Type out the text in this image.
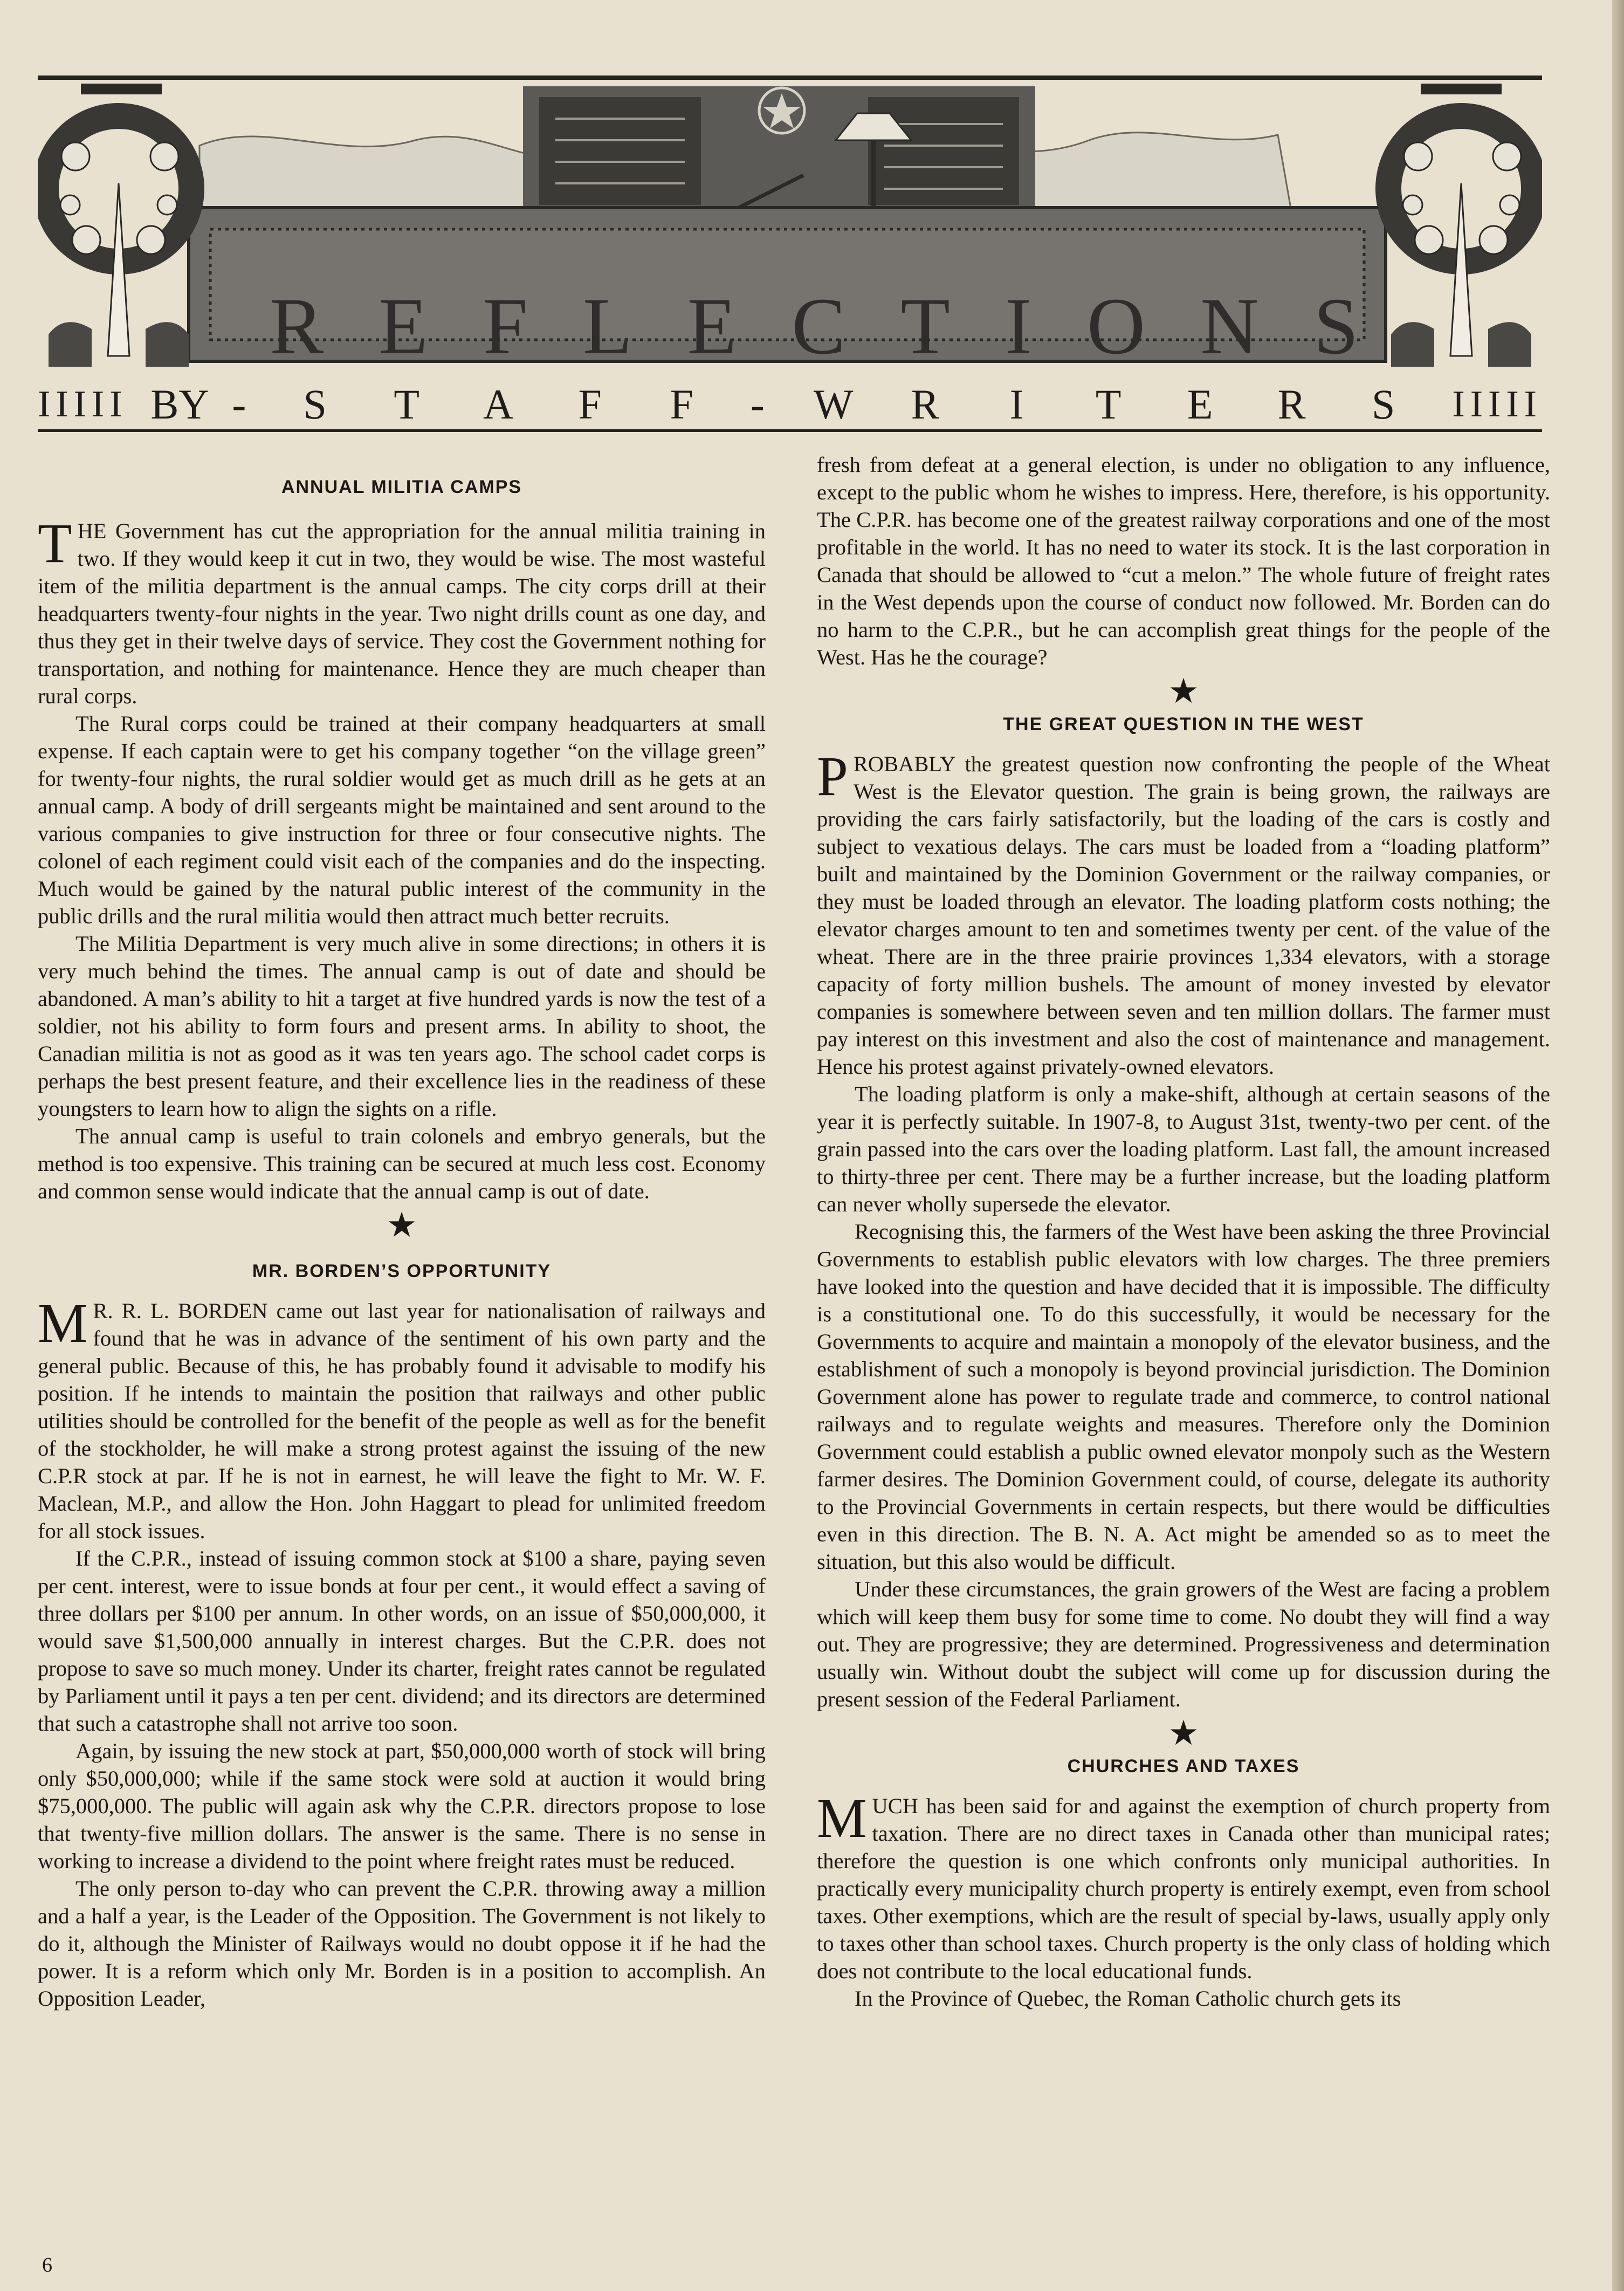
R E F L E C T I O N S
IIIII BY -	S	T	A	F	F	-	W	R	I	T	E	R	S	IIIII
ANNUAL MILITIA CAMPS

THE Government has cut the appropriation for the annual militia training in two. If they would keep it cut in two, they would be wise. The most wasteful item of the militia department is the annual camps. The city corps drill at their headquarters twenty-four nights in the year. Two night drills count as one day, and thus they get in their twelve days of service. They cost the Government nothing for transportation, and nothing for maintenance. Hence they are much cheaper than rural corps.

The Rural corps could be trained at their company headquarters at small expense. If each captain were to get his company together “on the village green” for twenty-four nights, the rural soldier would get as much drill as he gets at an annual camp. A body of drill sergeants might be maintained and sent around to the various companies to give instruction for three or four consecutive nights. The colonel of each regiment could visit each of the companies and do the inspecting. Much would be gained by the natural public interest of the community in the public drills and the rural militia would then attract much better recruits.

The Militia Department is very much alive in some directions; in others it is very much behind the times. The annual camp is out of date and should be abandoned. A man’s ability to hit a target at five hundred yards is now the test of a soldier, not his ability to form fours and present arms. In ability to shoot, the Canadian militia is not as good as it was ten years ago. The school cadet corps is perhaps the best present feature, and their excellence lies in the readiness of these youngsters to learn how to align the sights on a rifle.

The annual camp is useful to train colonels and embryo generals, but the method is too expensive. This training can be secured at much less cost. Economy and common sense would indicate that the annual camp is out of date.

★
MR. BORDEN’S OPPORTUNITY

M R. R. L. BORDEN came out last year for nationalisation of railways and found that he was in advance of the sentiment of his own party and the general public. Because of this, he has probably found it advisable to modify his position. If he intends to maintain the position that railways and other public utilities should be controlled for the benefit of the people as well as for the benefit of the stockholder, he will make a strong protest against the issuing of the new C.P.R stock at par. If he is not in earnest, he will leave the fight to Mr. W. F. Maclean, M.P., and allow the Hon. John Haggart to plead for unlimited freedom for all stock issues.

If the C.P.R., instead of issuing common stock at $100 a share, paying seven per cent. interest, were to issue bonds at four per cent., it would effect a saving of three dollars per $100 per annum. In other words, on an issue of $50,000,000, it would save $1,500,000 annually in interest charges. But the C.P.R. does not propose to save so much money. Under its charter, freight rates cannot be regulated by Parliament until it pays a ten per cent. dividend; and its directors are determined that such a catastrophe shall not arrive too soon.

Again, by issuing the new stock at part, $50,000,000 worth of stock will bring only $50,000,000; while if the same stock were sold at auction it would bring $75,000,000. The public will again ask why the C.P.R. directors propose to lose that twenty-five million dollars. The answer is the same. There is no sense in working to increase a dividend to the point where freight rates must be reduced.

The only person to-day who can prevent the C.P.R. throwing away a million and a half a year, is the Leader of the Opposition. The Government is not likely to do it, although the Minister of Railways would no doubt oppose it if he had the power. It is a reform which only Mr. Borden is in a position to accomplish. An Opposition Leader,

fresh from defeat at a general election, is under no obligation to any influence, except to the public whom he wishes to impress. Here, therefore, is his opportunity. The C.P.R. has become one of the greatest railway corporations and one of the most profitable in the world. It has no need to water its stock. It is the last corporation in Canada that should be allowed to “cut a melon.” The whole future of freight rates in the West depends upon the course of conduct now followed. Mr. Borden can do no harm to the C.P.R., but he can accomplish great things for the people of the West. Has he the courage?

★
THE GREAT QUESTION IN THE WEST

PROBABLY the greatest question now confronting the people of the Wheat West is the Elevator question. The grain is being grown, the railways are providing the cars fairly satisfactorily, but the loading of the cars is costly and subject to vexatious delays. The cars must be loaded from a “loading platform” built and maintained by the Dominion Government or the railway companies, or they must be loaded through an elevator. The loading platform costs nothing; the elevator charges amount to ten and sometimes twenty per cent. of the value of the wheat. There are in the three prairie provinces 1,334 elevators, with a storage capacity of forty million bushels. The amount of money invested by elevator companies is somewhere between seven and ten million dollars. The farmer must pay interest on this investment and also the cost of maintenance and management. Hence his protest against privately-owned elevators.

The loading platform is only a make-shift, although at certain seasons of the year it is perfectly suitable. In 1907-8, to August 31st, twenty-two per cent. of the grain passed into the cars over the loading platform. Last fall, the amount increased to thirty-three per cent. There may be a further increase, but the loading platform can never wholly supersede the elevator.

Recognising this, the farmers of the West have been asking the three Provincial Governments to establish public elevators with low charges. The three premiers have looked into the question and have decided that it is impossible. The difficulty is a constitutional one. To do this successfully, it would be necessary for the Governments to acquire and maintain a monopoly of the elevator business, and the establishment of such a monopoly is beyond provincial jurisdiction. The Dominion Government alone has power to regulate trade and commerce, to control national railways and to regulate weights and measures. Therefore only the Dominion Government could establish a public owned elevator monpoly such as the Western farmer desires. The Dominion Government could, of course, delegate its authority to the Provincial Governments in certain respects, but there would be difficulties even in this direction. The B. N. A. Act might be amended so as to meet the situation, but this also would be difficult.

Under these circumstances, the grain growers of the West are facing a problem which will keep them busy for some time to come. No doubt they will find a way out. They are progressive; they are determined. Progressiveness and determination usually win. Without doubt the subject will come up for discussion during the present session of the Federal Parliament.

★
CHURCHES AND TAXES

MUCH has been said for and against the exemption of church property from taxation. There are no direct taxes in Canada other than municipal rates; therefore the question is one which confronts only municipal authorities. In practically every municipality church property is entirely exempt, even from school taxes. Other exemptions, which are the result of special by-laws, usually apply only to taxes other than school taxes. Church property is the only class of holding which does not contribute to the local educational funds.

In the Province of Quebec, the Roman Catholic church gets its

6
